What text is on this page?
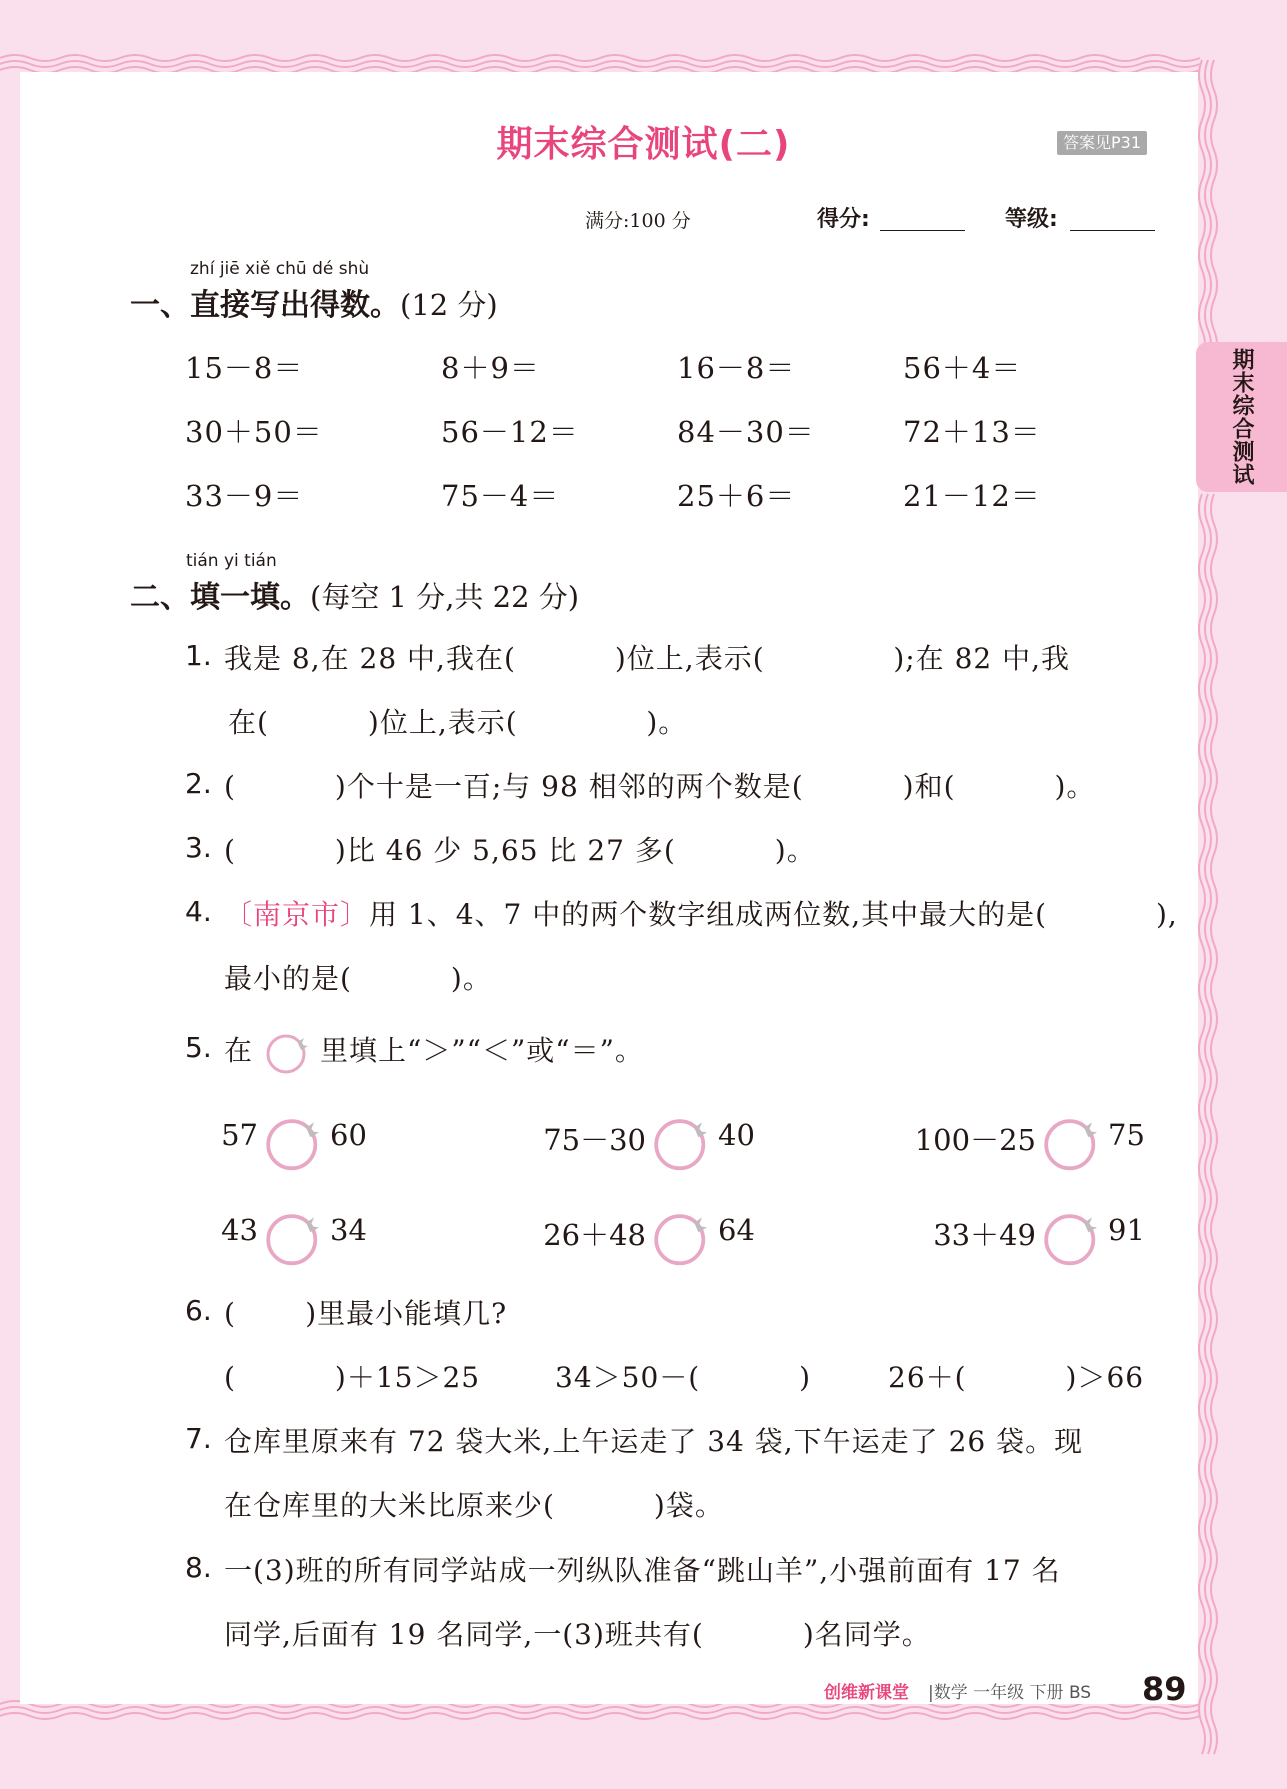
期末综合测试
期末综合测试(二)	答案见P31
满分:100 分	得分:	等级:
zhí jiē xiě chū dé shù
一、直接写出得数。(12 分)
15－8＝	8＋9＝	16－8＝	56＋4＝
30＋50＝	56－12＝	84－30＝	72＋13＝
33－9＝	75－4＝	25＋6＝	21－12＝
tián yi tián
二、填一填。(每空 1 分,共 22 分)
1. 我是 8,在 28 中,我在(          )位上,表示(             );在 82 中,我
在(          )位上,表示(             )。
2. (          )个十是一百;与 98 相邻的两个数是(          )和(          )。
3. (          )比 46 少 5,65 比 27 多(          )。
4. 〔南京市〕用 1、4、7 中的两个数字组成两位数,其中最大的是(           ),
最小的是(          )。
5. 在 里填上“＞”“＜”或“＝”。
57 60	75－30 40	100－25 75
43 34	26＋48 64	33＋49 91
6. (       )里最小能填几?
(          )＋15＞25	34＞50－(          )	26＋(          )＞66
7. 仓库里原来有 72 袋大米,上午运走了 34 袋,下午运走了 26 袋。现
在仓库里的大米比原来少(          )袋。
8. 一(3)班的所有同学站成一列纵队准备“跳山羊”,小强前面有 17 名
同学,后面有 19 名同学,一(3)班共有(          )名同学。
创维新课堂 |数学 一年级 下册 BS 89
